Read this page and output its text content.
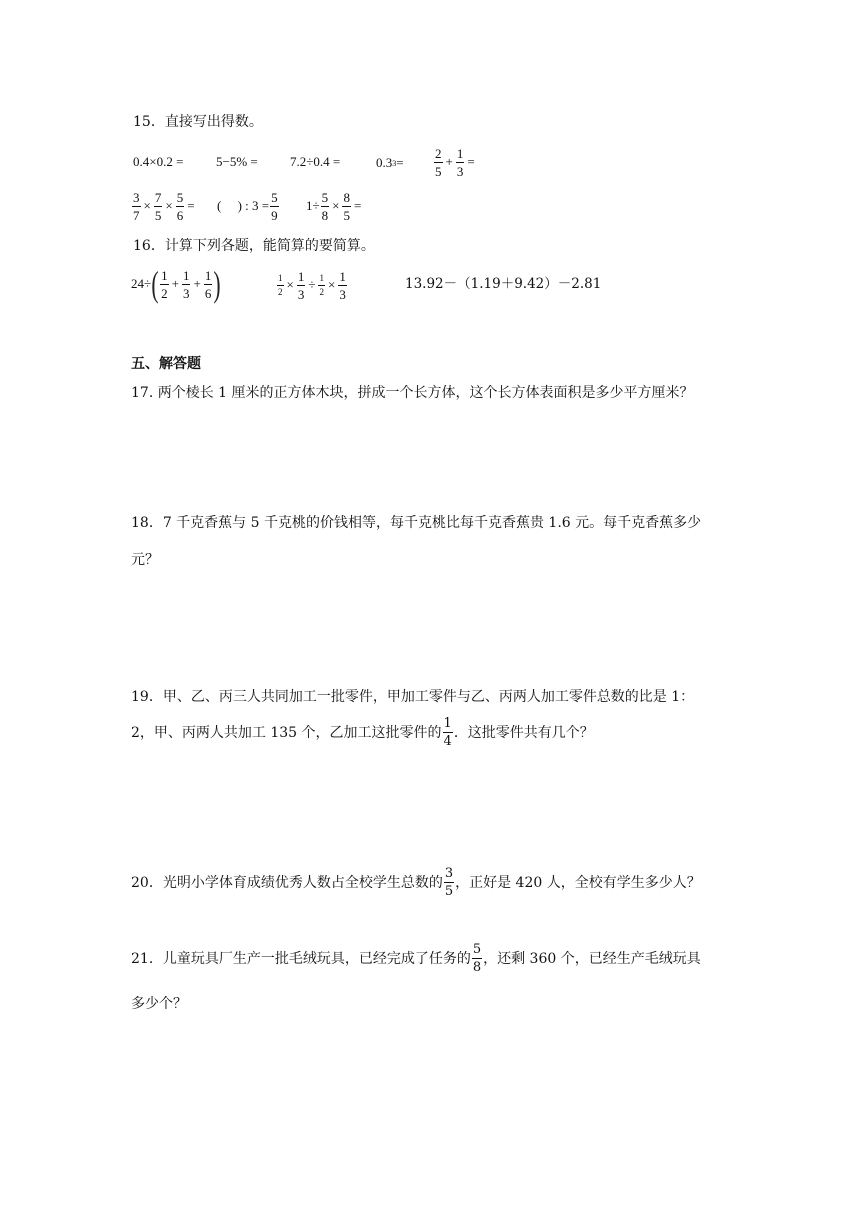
15．直接写出得数。
0.4×0.2 =	5−5% = 7.2÷0.4 =	0.3 $3 = \frac{2}{5} + \frac{1}{3}$ =
$\frac{3}{7} \times \frac{7}{5} \times \frac{5}{6}$ = (     ) : $3 = \frac{5}{9} 1\div \frac{5}{8} \times \frac{8}{5}$ =
16．计算下列各题，能简算的要简算。
24÷ ( $\frac{1}{2} + \frac{1}{3} + \frac{1}{6}$ )	$\frac{1}{2} \times \frac{1}{3} \div \frac{1}{2} \times \frac{1}{3}$	13.92－（1.19＋9.42）－2.81
五、解答题
17. 两个棱长 1 厘米的正方体木块，拼成一个长方体，这个长方体表面积是多少平方厘米？
18．7 千克香蕉与 5 千克桃的价钱相等，每千克桃比每千克香蕉贵 1.6 元。每千克香蕉多少
元？
19．甲、乙、丙三人共同加工一批零件，甲加工零件与乙、丙两人加工零件总数的比是 1：
2，甲、丙两人共加工 135 个，乙加工这批零件的 $\frac{1}{4}$ ．这批零件共有几个？
20．光明小学体育成绩优秀人数占全校学生总数的 $\frac{3}{5}$ ，正好是 420 人，全校有学生多少人？
21．儿童玩具厂生产一批毛绒玩具，已经完成了任务的 $\frac{5}{8}$ ，还剩 360 个，已经生产毛绒玩具
多少个？
